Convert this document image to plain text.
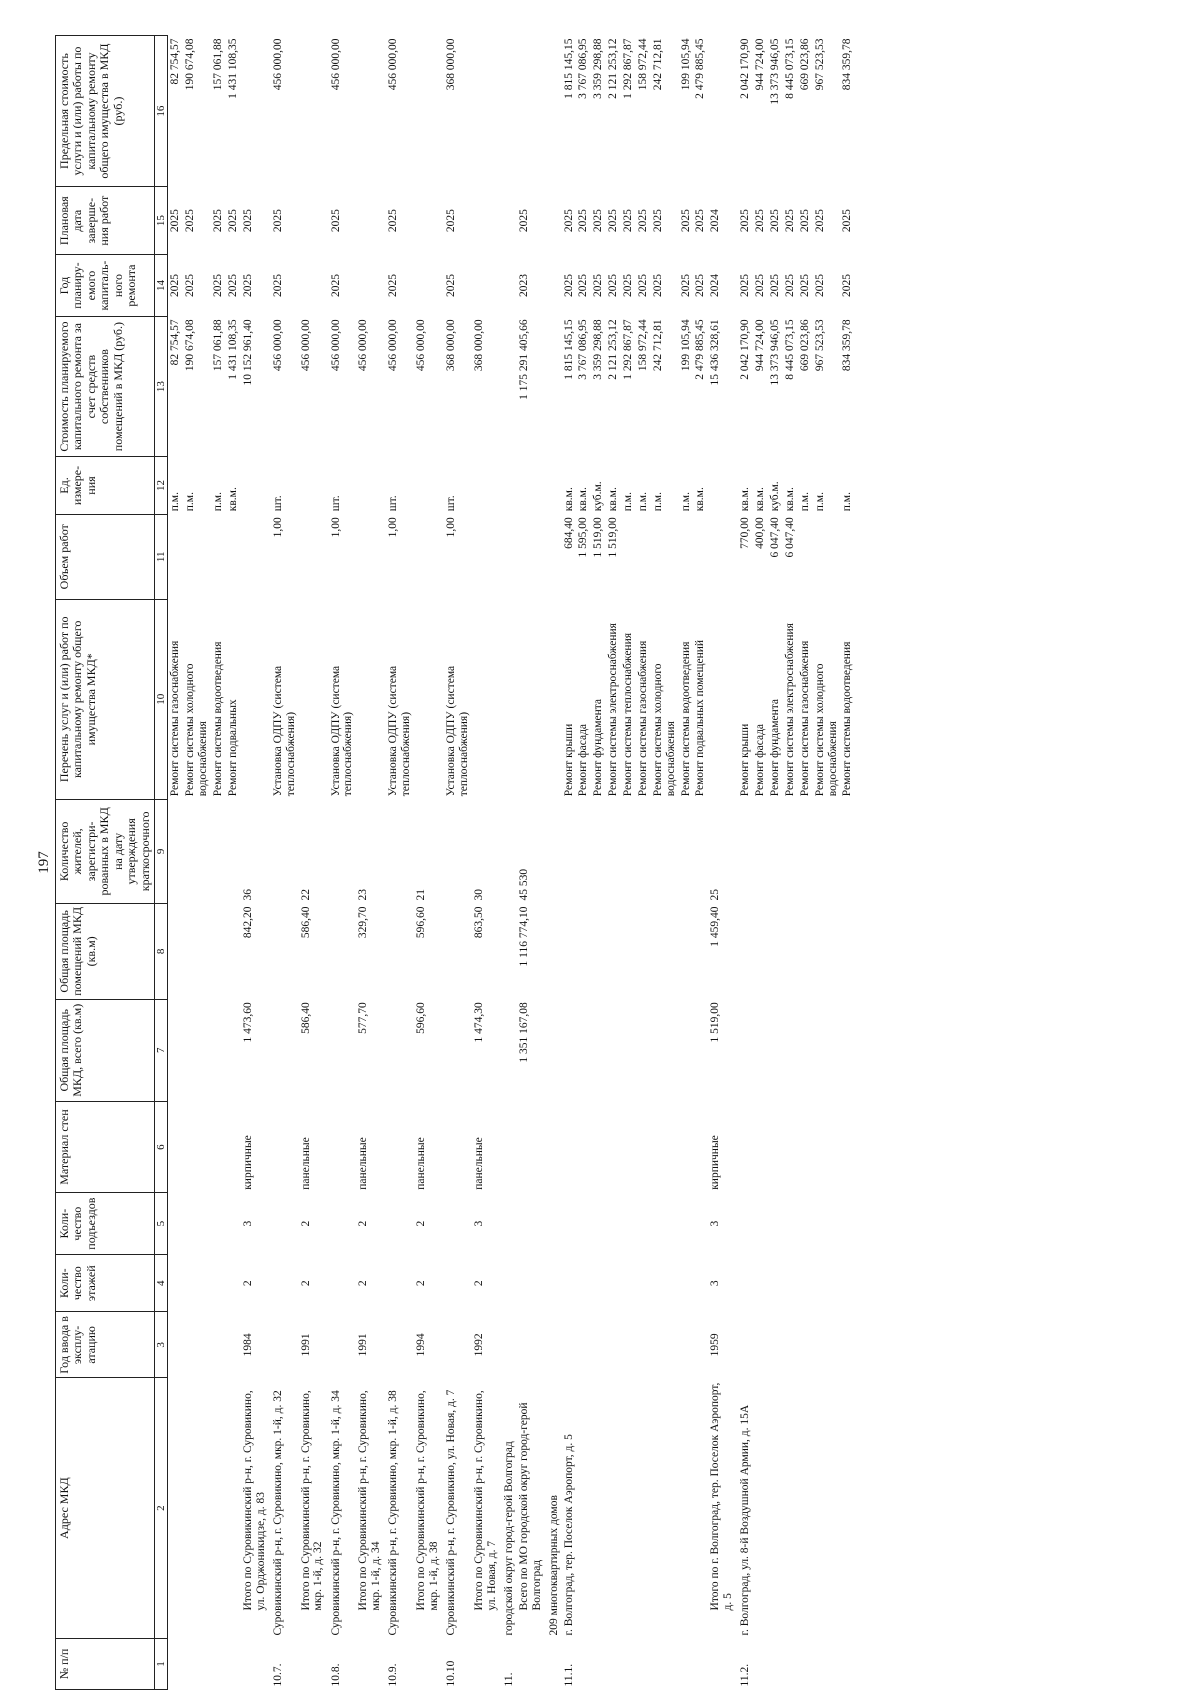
197
№ п/п	Адрес МКД	Год ввода в эксплу-атацию	Коли-чество этажей	Коли-чество подъездов	Материал стен	Общая площадь МКД, всего (кв.м)	Общая площадь помещений МКД (кв.м)	Количество жителей, зарегистри-рованных в МКД на дату утверждения краткосрочного	Перечень услуг и (или) работ по капитальному ремонту общего имущества МКД*	Объем работ	Ед. измере-ния	Стоимость планируемого капитального ремонта за счет средств собственников помещений в МКД (руб.)	Год планиру-емого капиталь-ного ремонта	Плановая дата заверше-ния работ	Предельная стоимость услуги и (или) работы по капитальному ремонту общего имущества в МКД (руб.)
1	2	3	4	5	6	7	8	9	10	11	12	13	14	15	16
									Ремонт системы газоснабжения		п.м.	82 754,57	2025	2025	82 754,57
									Ремонт системы холодного водоснабжения		п.м.	190 674,08	2025	2025	190 674,08
									Ремонт системы водоотведения		п.м.	157 061,88	2025	2025	157 061,88
									Ремонт подвальных		кв.м.	1 431 108,35	2025	2025	1 431 108,35
	Итого по Суровикинский р-н, г. Суровикино, ул. Орджоникидзе, д. 83	1984	2	3	кирпичные	1 473,60	842,20	36				10 152 961,40	2025	2025	
10.7.	Суровикинский р-н, г. Суровикино, мкр. 1-й, д. 32								Установка ОДПУ (система теплоснабжения)	1,00	шт.	456 000,00	2025	2025	456 000,00
	Итого по Суровикинский р-н, г. Суровикино, мкр. 1-й, д. 32	1991	2	2	панельные	586,40	586,40	22				456 000,00			
10.8.	Суровикинский р-н, г. Суровикино, мкр. 1-й, д. 34								Установка ОДПУ (система теплоснабжения)	1,00	шт.	456 000,00	2025	2025	456 000,00
	Итого по Суровикинский р-н, г. Суровикино, мкр. 1-й, д. 34	1991	2	2	панельные	577,70	329,70	23				456 000,00			
10.9.	Суровикинский р-н, г. Суровикино, мкр. 1-й, д. 38								Установка ОДПУ (система теплоснабжения)	1,00	шт.	456 000,00	2025	2025	456 000,00
	Итого по Суровикинский р-н, г. Суровикино, мкр. 1-й, д. 38	1994	2	2	панельные	596,60	596,60	21				456 000,00			
10.10	Суровикинский р-н, г. Суровикино, ул. Новая, д. 7								Установка ОДПУ (система теплоснабжения)	1,00	шт.	368 000,00	2025	2025	368 000,00
	Итого по Суровикинский р-н, г. Суровикино, ул. Новая, д. 7	1992	2	3	панельные	1 474,30	863,50	30				368 000,00			
11.	городской округ город-герой Волгоград														
	Всего по МО городской округ город-герой Волгоград					1 351 167,08	1 116 774,10	45 530				1 175 291 405,66	2023	2025	
	209 многоквартирных домов														
11.1.	г. Волгоград, тер. Поселок Аэропорт, д. 5								Ремонт крыши	684,40	кв.м.	1 815 145,15	2025	2025	1 815 145,15
									Ремонт фасада	1 595,00	кв.м.	3 767 086,95	2025	2025	3 767 086,95
									Ремонт фундамента	1 519,00	куб.м.	3 359 298,88	2025	2025	3 359 298,88
									Ремонт системы электроснабжения	1 519,00	кв.м.	2 121 253,12	2025	2025	2 121 253,12
									Ремонт системы теплоснабжения		п.м.	1 292 867,87	2025	2025	1 292 867,87
									Ремонт системы газоснабжения		п.м.	158 972,44	2025	2025	158 972,44
									Ремонт системы холодного водоснабжения		п.м.	242 712,81	2025	2025	242 712,81
									Ремонт системы водоотведения		п.м.	199 105,94	2025	2025	199 105,94
									Ремонт подвальных помещений		кв.м.	2 479 885,45	2025	2025	2 479 885,45
	Итого по г. Волгоград, тер. Поселок Аэропорт, д. 5	1959	3	3	кирпичные	1 519,00	1 459,40	25				15 436 328,61	2024	2024	
11.2.	г. Волгоград, ул. 8-й Воздушной Армии, д. 15А								Ремонт крыши	770,00	кв.м.	2 042 170,90	2025	2025	2 042 170,90
									Ремонт фасада	400,00	кв.м.	944 724,00	2025	2025	944 724,00
									Ремонт фундамента	6 047,40	куб.м.	13 373 946,05	2025	2025	13 373 946,05
									Ремонт системы электроснабжения	6 047,40	кв.м.	8 445 073,15	2025	2025	8 445 073,15
									Ремонт системы газоснабжения		п.м.	669 023,86	2025	2025	669 023,86
									Ремонт системы холодного водоснабжения		п.м.	967 523,53	2025	2025	967 523,53
									Ремонт системы водоотведения		п.м.	834 359,78	2025	2025	834 359,78
